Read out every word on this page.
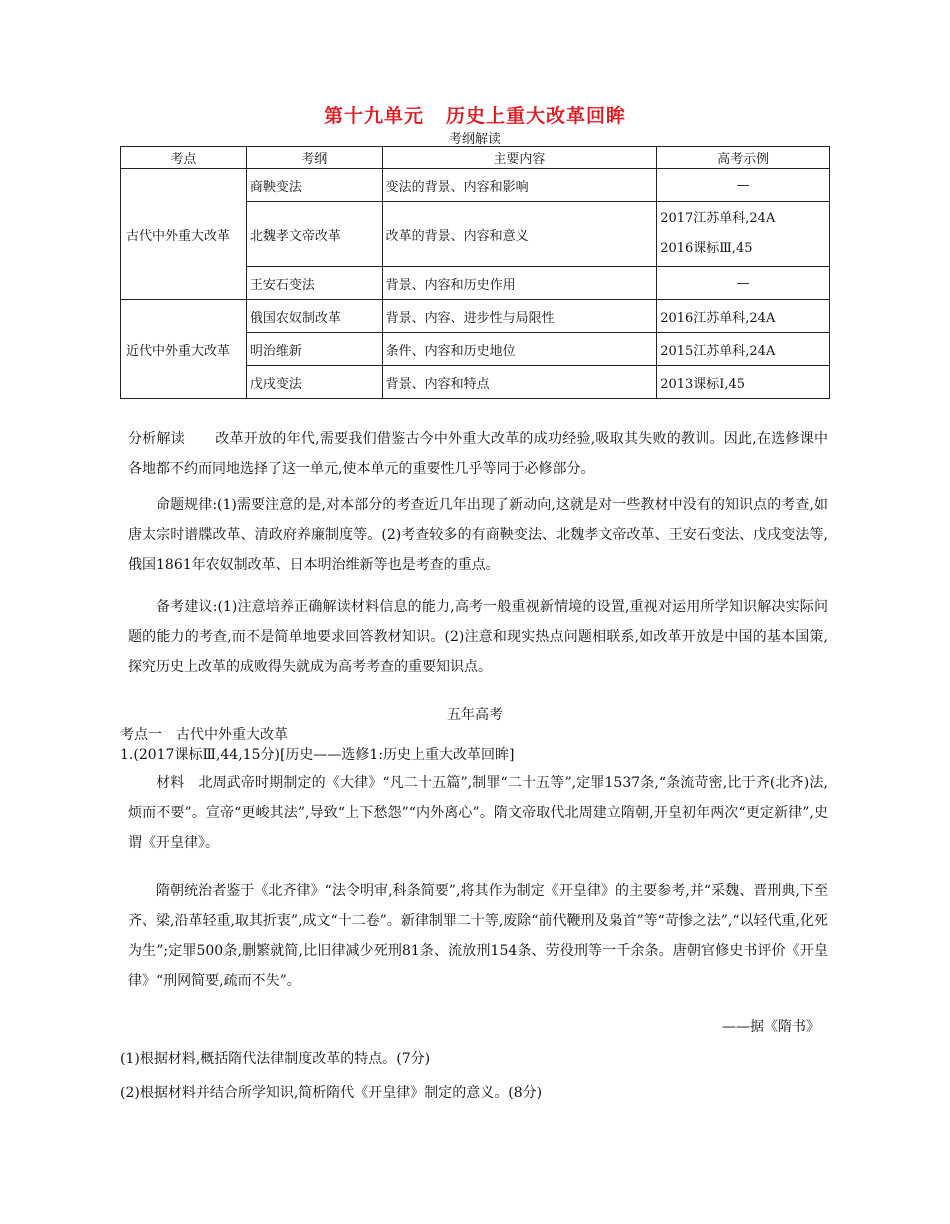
第十九单元 历史上重大改革回眸
考纲解读
考点	考纲	主要内容	高考示例
古代中外重大改革	商鞅变法	变法的背景、内容和影响	—
	北魏孝文帝改革	改革的背景、内容和意义	2017江苏单科,24A
2016课标Ⅲ,45

	王安石变法	背景、内容和历史作用	—
近代中外重大改革	俄国农奴制改革	背景、内容、进步性与局限性	2016江苏单科,24A
	明治维新	条件、内容和历史地位	2015江苏单科,24A
	戊戌变法	背景、内容和特点	2013课标Ⅰ,45
分析解读 改革开放的年代,需要我们借鉴古今中外重大改革的成功经验,吸取其失败的教训。因此,在选修课中各地都不约而同地选择了这一单元,使本单元的重要性几乎等同于必修部分。
命题规律:(1)需要注意的是,对本部分的考查近几年出现了新动向,这就是对一些教材中没有的知识点的考查,如唐太宗时谱牒改革、清政府养廉制度等。(2)考查较多的有商鞅变法、北魏孝文帝改革、王安石变法、戊戌变法等,俄国1861年农奴制改革、日本明治维新等也是考查的重点。
备考建议:(1)注意培养正确解读材料信息的能力,高考一般重视新情境的设置,重视对运用所学知识解决实际问题的能力的考查,而不是简单地要求回答教材知识。(2)注意和现实热点问题相联系,如改革开放是中国的基本国策,探究历史上改革的成败得失就成为高考考查的重要知识点。
五年高考
考点一　古代中外重大改革
1.(2017课标Ⅲ,44,15分)[历史——选修1:历史上重大改革回眸]
材料　北周武帝时期制定的《大律》“凡二十五篇”,制罪“二十五等”,定罪1537条,“条流苛密,比于齐(北齐)法,烦而不要”。宣帝“更峻其法”,导致“上下愁怨”“内外离心”。隋文帝取代北周建立隋朝,开皇初年两次“更定新律”,史谓《开皇律》。
隋朝统治者鉴于《北齐律》“法令明审,科条简要”,将其作为制定《开皇律》的主要参考,并“采魏、晋刑典,下至齐、梁,沿革轻重,取其折衷”,成文“十二卷”。新律制罪二十等,废除“前代鞭刑及枭首”等“苛惨之法”,“以轻代重,化死为生”;定罪500条,删繁就简,比旧律减少死刑81条、流放刑154条、劳役刑等一千余条。唐朝官修史书评价《开皇律》“刑网简要,疏而不失”。
——据《隋书》
(1)根据材料,概括隋代法律制度改革的特点。(7分)
(2)根据材料并结合所学知识,简析隋代《开皇律》制定的意义。(8分)
